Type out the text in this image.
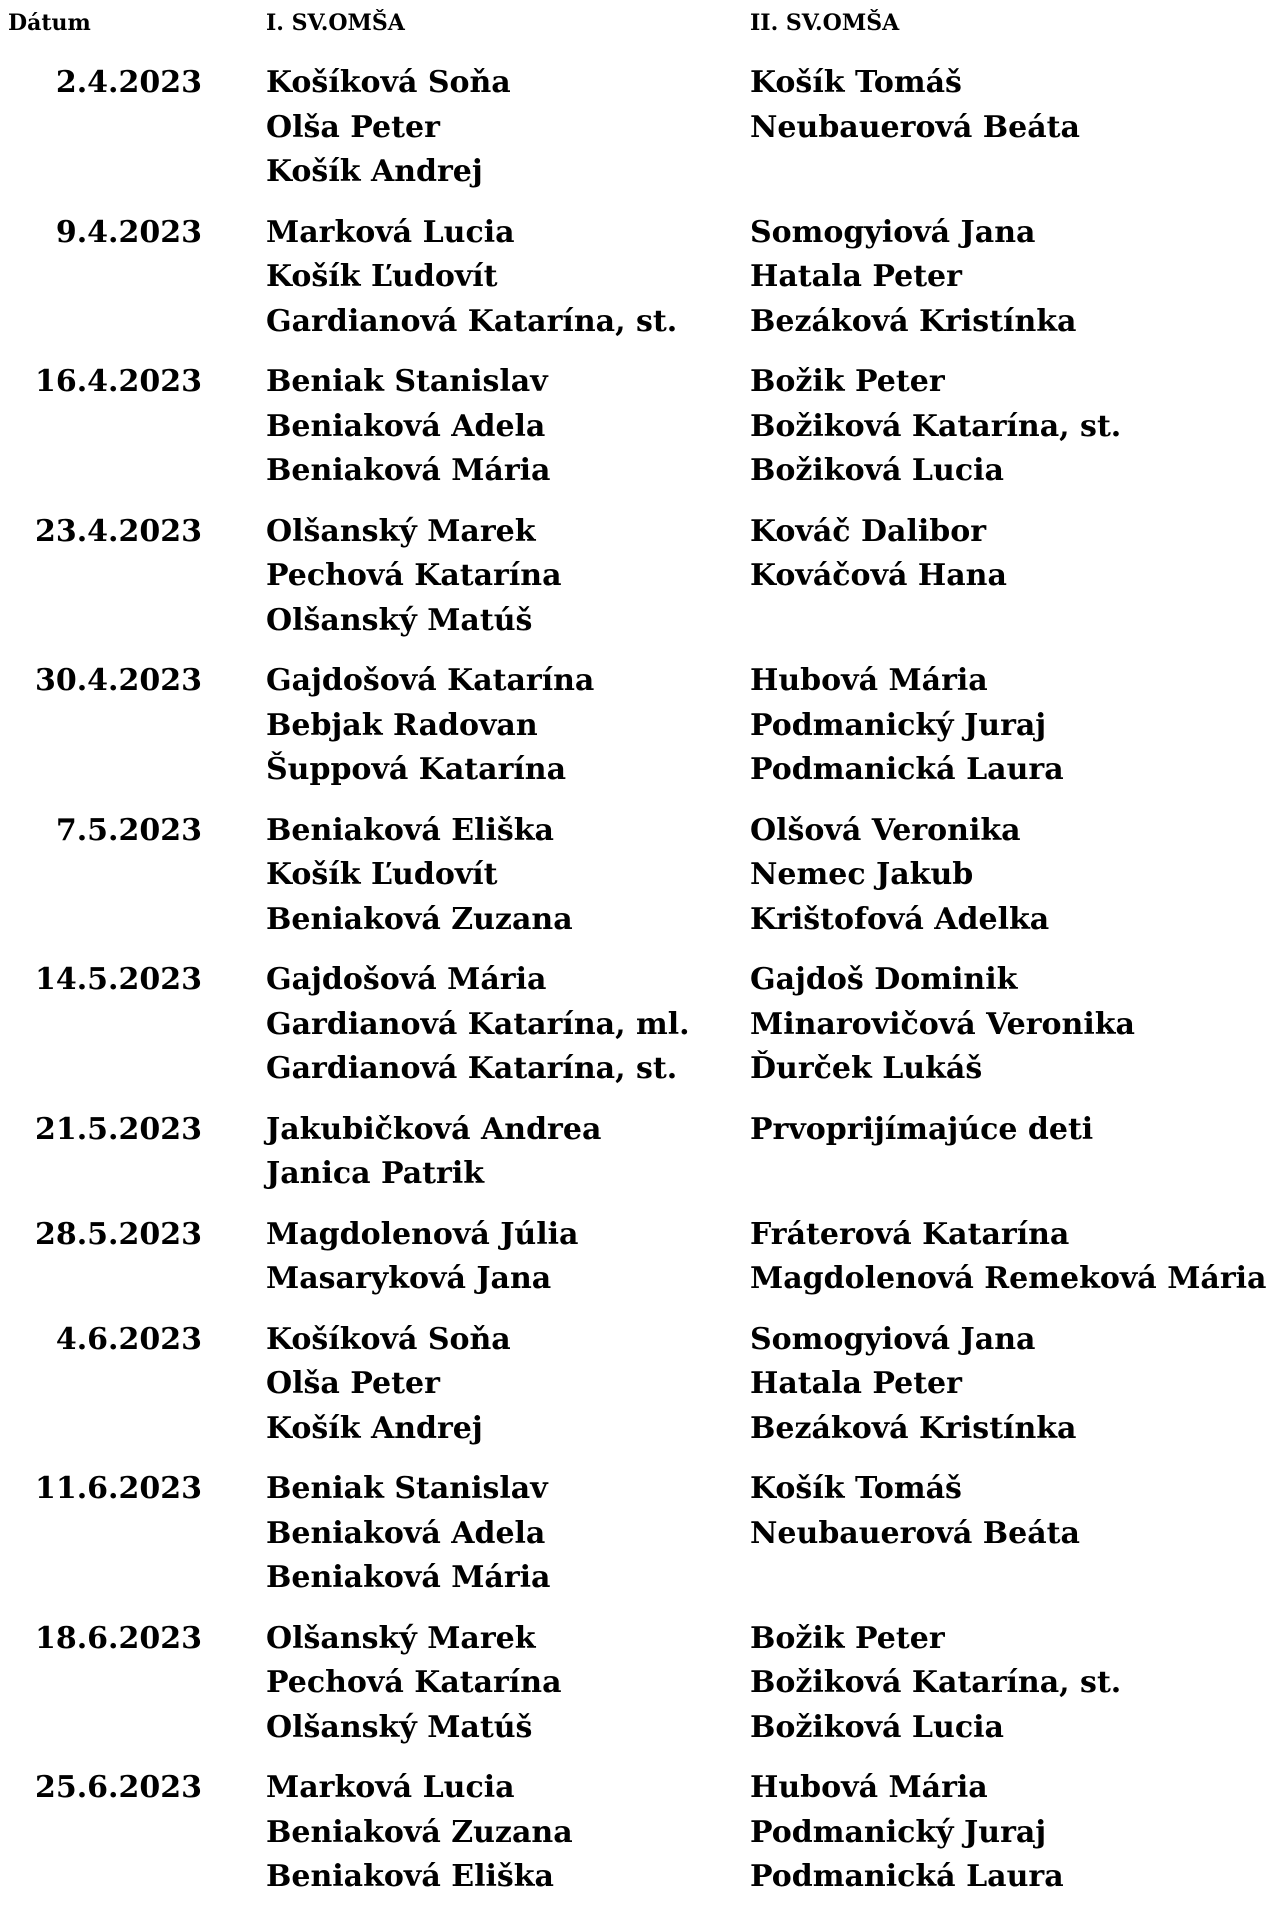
Dátum	I. SV.OMŠA	II. SV.OMŠA
2.4.2023 Košíková Soňa
Olša Peter
Košík Andrej
Košík Tomáš
Neubauerová Beáta
9.4.2023 Marková Lucia
Košík Ľudovít
Gardianová Katarína, st.
Somogyiová Jana
Hatala Peter
Bezáková Kristínka
16.4.2023 Beniak Stanislav
Beniaková Adela
Beniaková Mária
Božik Peter
Božiková Katarína, st.
Božiková Lucia
23.4.2023 Olšanský Marek
Pechová Katarína
Olšanský Matúš
Kováč Dalibor
Kováčová Hana
30.4.2023 Gajdošová Katarína
Bebjak Radovan
Šuppová Katarína
Hubová Mária
Podmanický Juraj
Podmanická Laura
7.5.2023 Beniaková Eliška
Košík Ľudovít
Beniaková Zuzana
Olšová Veronika
Nemec Jakub
Krištofová Adelka
14.5.2023 Gajdošová Mária
Gardianová Katarína, ml.
Gardianová Katarína, st.
Gajdoš Dominik
Minarovičová Veronika
Ďurček Lukáš
21.5.2023 Jakubičková Andrea
Janica Patrik
Prvoprijímajúce deti
28.5.2023 Magdolenová Júlia
Masaryková Jana
Fráterová Katarína
Magdolenová Remeková Mária
4.6.2023 Košíková Soňa
Olša Peter
Košík Andrej
Somogyiová Jana
Hatala Peter
Bezáková Kristínka
11.6.2023 Beniak Stanislav
Beniaková Adela
Beniaková Mária
Košík Tomáš
Neubauerová Beáta
18.6.2023 Olšanský Marek
Pechová Katarína
Olšanský Matúš
Božik Peter
Božiková Katarína, st.
Božiková Lucia
25.6.2023 Marková Lucia
Beniaková Zuzana
Beniaková Eliška
Hubová Mária
Podmanický Juraj
Podmanická Laura
